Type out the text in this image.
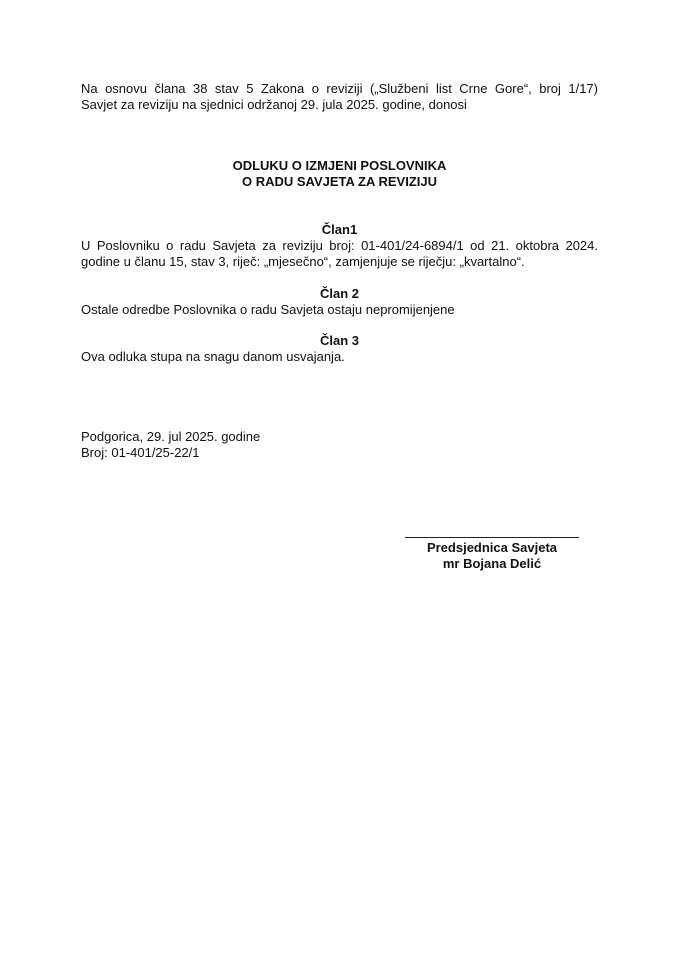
Na osnovu člana 38 stav 5 Zakona o reviziji („Službeni list Crne Gore“, broj 1/17)

Savjet za reviziju na sjednici održanoj 29. jula 2025. godine, donosi

ODLUKU O IZMJENI POSLOVNIKA

O RADU SAVJETA ZA REVIZIJU

Član1

U Poslovniku o radu Savjeta za reviziju broj: 01-401/24-6894/1 od 21. oktobra 2024.

godine u članu 15, stav 3, riječ: „mjesečno“, zamjenjuje se riječju: „kvartalno“.

Član 2

Ostale odredbe Poslovnika o radu Savjeta ostaju nepromijenjene

Član 3

Ova odluka stupa na snagu danom usvajanja.

Podgorica, 29. jul 2025. godine

Broj: 01-401/25-22/1

Predsjednica Savjeta

mr Bojana Delić
